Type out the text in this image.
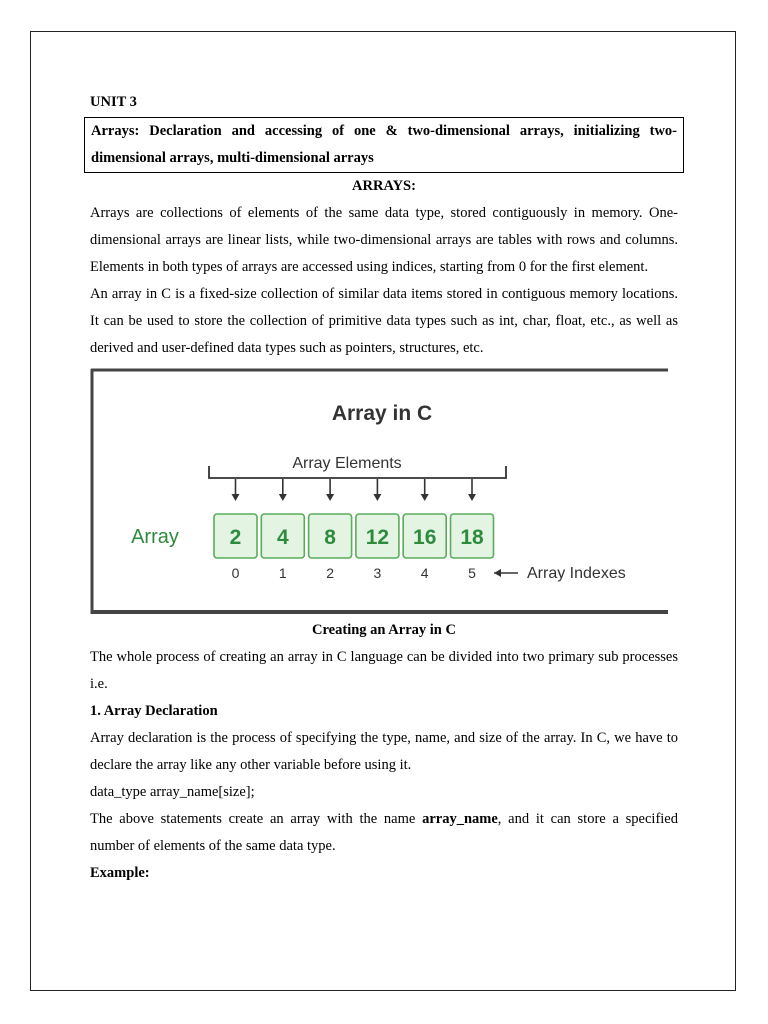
UNIT 3
Arrays: Declaration and accessing of one & two-dimensional arrays, initializing two-dimensional arrays, multi-dimensional arrays
ARRAYS:

Arrays are collections of elements of the same data type, stored contiguously in memory. One-dimensional arrays are linear lists, while two-dimensional arrays are tables with rows and columns. Elements in both types of arrays are accessed using indices, starting from 0 for the first element.

An array in C is a fixed-size collection of similar data items stored in contiguous memory locations. It can be used to store the collection of primitive data types such as int, char, float, etc., as well as derived and user-defined data types such as pointers, structures, etc.

Array in C
Array Elements
Array 2 4 8 12 16 18
0	1	2	3	4	5	Array Indexes
Creating an Array in C

The whole process of creating an array in C language can be divided into two primary sub processes i.e.

1. Array Declaration

Array declaration is the process of specifying the type, name, and size of the array. In C, we have to declare the array like any other variable before using it.

data_type array_name[size];

The above statements create an array with the name array_name, and it can store a specified number of elements of the same data type.

Example:
